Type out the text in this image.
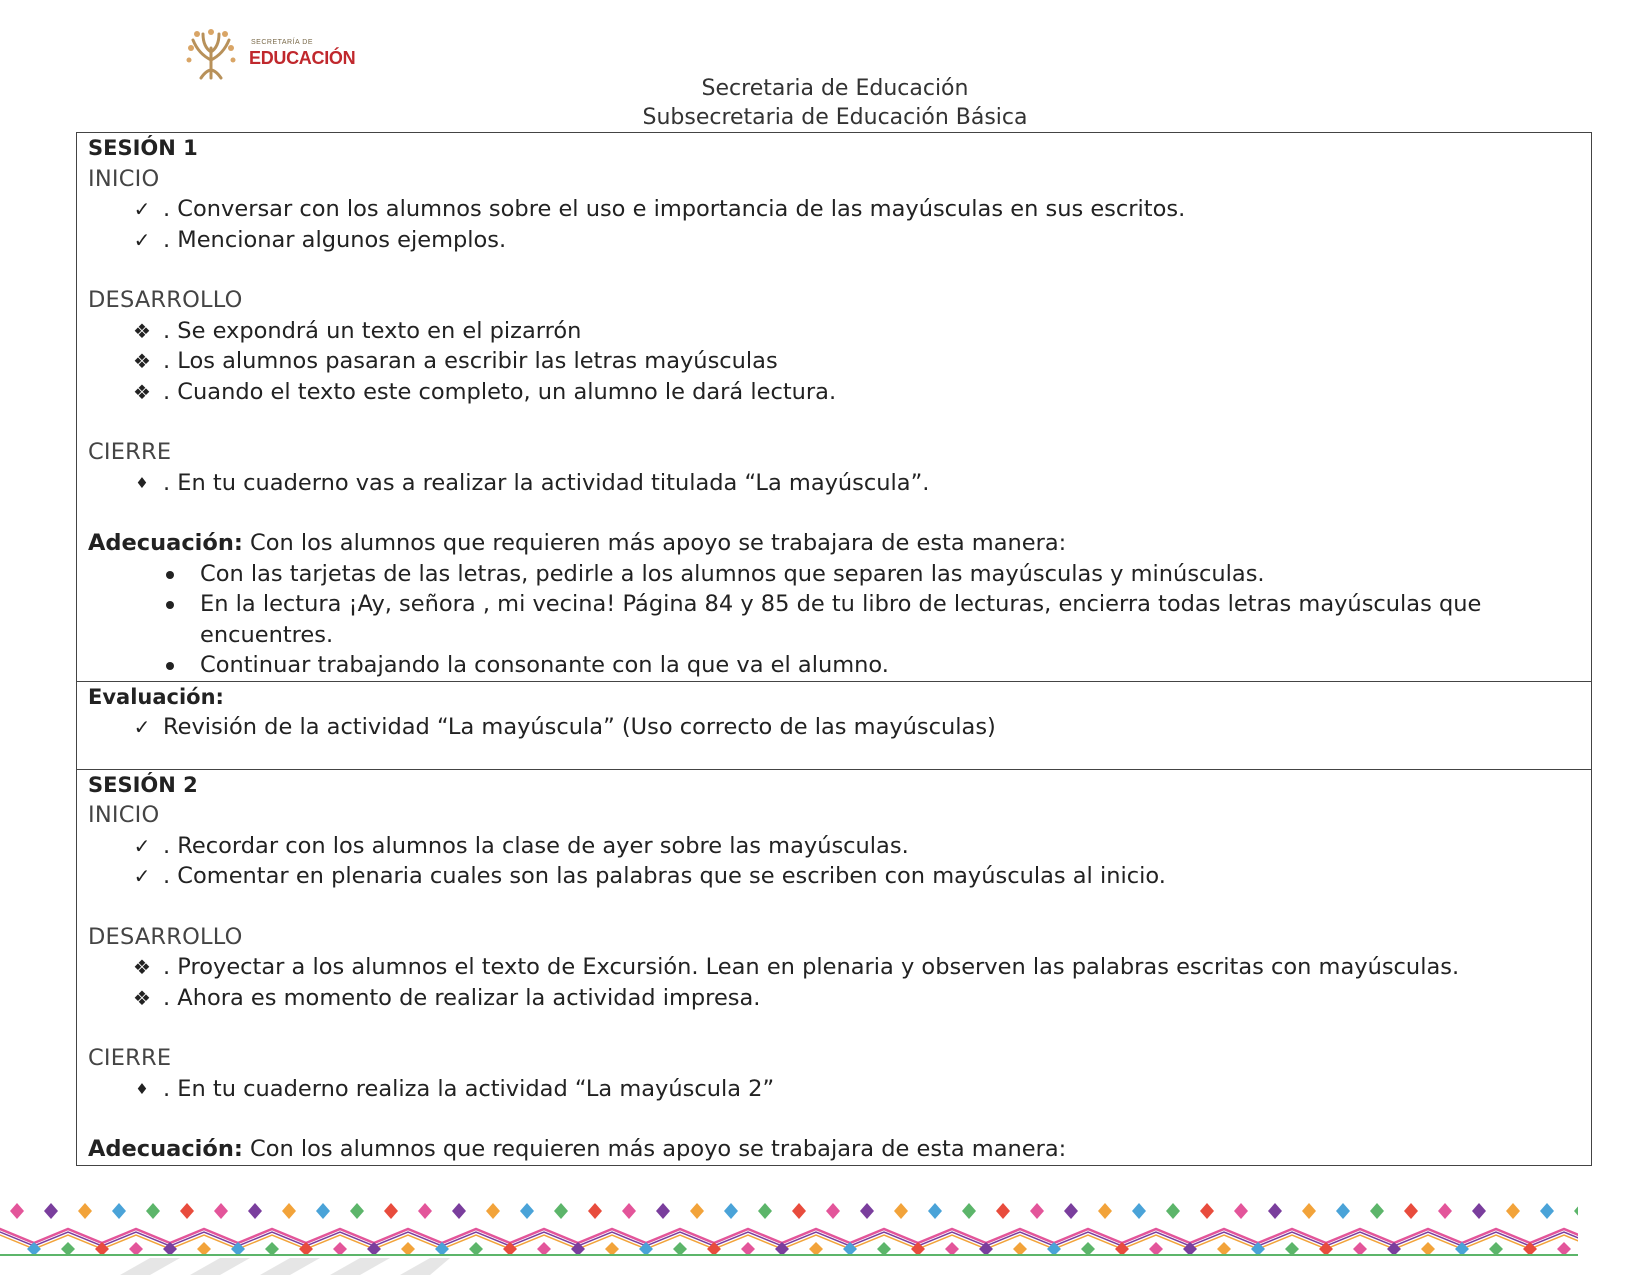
SECRETARÍA DE
EDUCACIÓN
Secretaria de Educación
Subsecretaria de Educación Básica
SESIÓN 1
INICIO
✓ . Conversar con los alumnos sobre el uso e importancia de las mayúsculas en sus escritos.
✓ . Mencionar algunos ejemplos.
DESARROLLO
❖ . Se expondrá un texto en el pizarrón
❖ . Los alumnos pasaran a escribir las letras mayúsculas
❖ . Cuando el texto este completo, un alumno le dará lectura.
CIERRE
♦ . En tu cuaderno vas a realizar la actividad titulada “La mayúscula”.
Adecuación: Con los alumnos que requieren más apoyo se trabajara de esta manera:
Con las tarjetas de las letras, pedirle a los alumnos que separen las mayúsculas y minúsculas.
En la lectura ¡Ay, señora , mi vecina! Página 84 y 85 de tu libro de lecturas, encierra todas letras mayúsculas que encuentres.
Continuar trabajando la consonante con la que va el alumno.

Evaluación:
✓ Revisión de la actividad “La mayúscula” (Uso correcto de las mayúsculas)

SESIÓN 2
INICIO
✓ . Recordar con los alumnos la clase de ayer sobre las mayúsculas.
✓ . Comentar en plenaria cuales son las palabras que se escriben con mayúsculas al inicio.
DESARROLLO
❖ . Proyectar a los alumnos el texto de Excursión. Lean en plenaria y observen las palabras escritas con mayúsculas.
❖ . Ahora es momento de realizar la actividad impresa.
CIERRE
♦ . En tu cuaderno realiza la actividad “La mayúscula 2”
Adecuación: Con los alumnos que requieren más apoyo se trabajara de esta manera:
